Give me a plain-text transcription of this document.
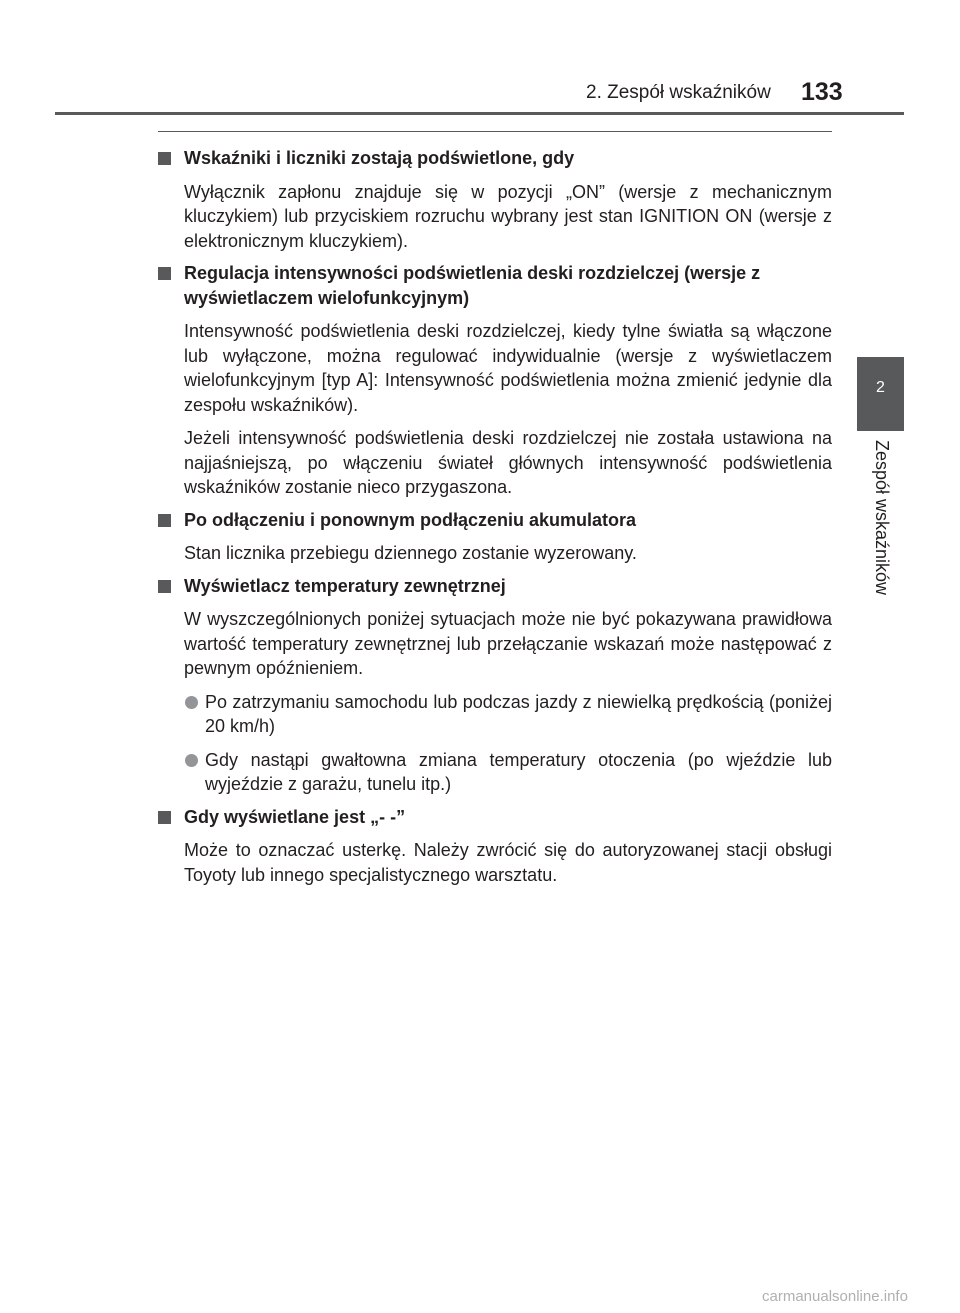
2. Zespół wskaźników 133
2
Zespół wskaźników
Wskaźniki i liczniki zostają podświetlone, gdy
Wyłącznik zapłonu znajduje się w pozycji „ON” (wersje z mechanicznym kluczykiem) lub przyciskiem rozruchu wybrany jest stan IGNITION ON (wersje z elektronicznym kluczykiem).
Regulacja intensywności podświetlenia deski rozdzielczej (wersje z wyświetlaczem wielofunkcyjnym)
Intensywność podświetlenia deski rozdzielczej, kiedy tylne światła są włączone lub wyłączone, można regulować indywidualnie (wersje z wyświetlaczem wielofunkcyjnym [typ A]: Intensywność podświetlenia można zmienić jedynie dla zespołu wskaźników).
Jeżeli intensywność podświetlenia deski rozdzielczej nie została ustawiona na najjaśniejszą, po włączeniu świateł głównych intensywność podświetlenia wskaźników zostanie nieco przygaszona.
Po odłączeniu i ponownym podłączeniu akumulatora
Stan licznika przebiegu dziennego zostanie wyzerowany.
Wyświetlacz temperatury zewnętrznej
W wyszczególnionych poniżej sytuacjach może nie być pokazywana prawidłowa wartość temperatury zewnętrznej lub przełączanie wskazań może następować z pewnym opóźnieniem.
Po zatrzymaniu samochodu lub podczas jazdy z niewielką prędkością (poniżej 20 km/h)
Gdy nastąpi gwałtowna zmiana temperatury otoczenia (po wjeździe lub wyjeździe z garażu, tunelu itp.)
Gdy wyświetlane jest „- -”
Może to oznaczać usterkę. Należy zwrócić się do autoryzowanej stacji obsługi Toyoty lub innego specjalistycznego warsztatu.
carmanualsonline.info
